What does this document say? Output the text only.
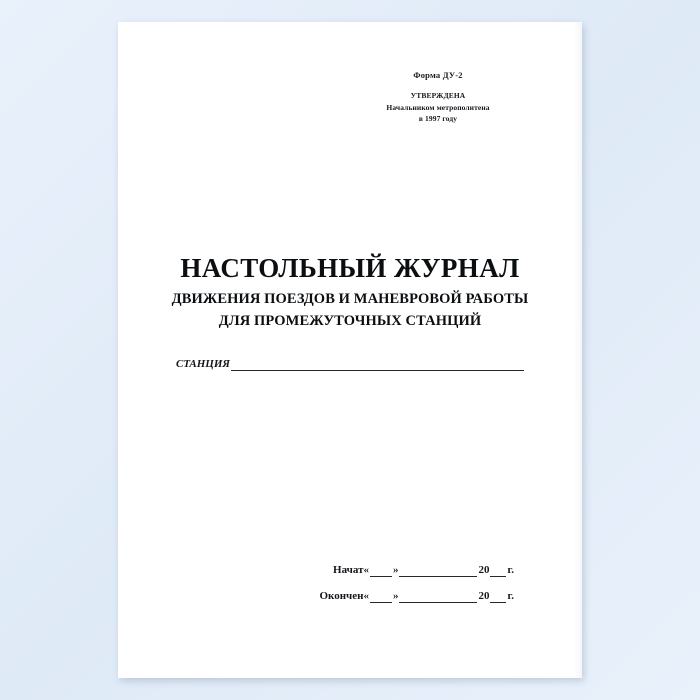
Форма ДУ-2
УТВЕРЖДЕНА
Начальником метрополитена
в 1997 году
НАСТОЛЬНЫЙ ЖУРНАЛ
ДВИЖЕНИЯ ПОЕЗДОВ И МАНЕВРОВОЙ РАБОТЫ
ДЛЯ ПРОМЕЖУТОЧНЫХ СТАНЦИЙ
СТАНЦИЯ
Начат « »	20 г.
Окончен « »	20 г.
